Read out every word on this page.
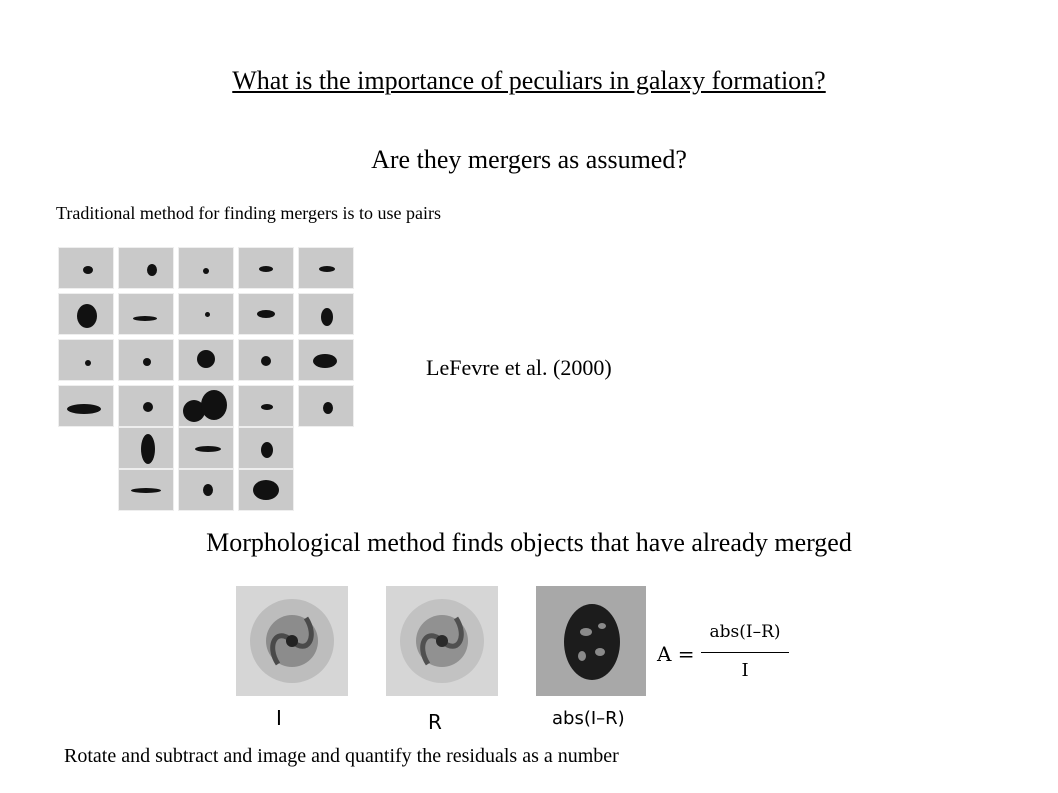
What is the importance of peculiars in galaxy formation?
Are they mergers as assumed?
Traditional method for finding mergers is to use pairs
LeFevre et al. (2000)
Morphological method finds objects that have already merged
I	R	abs(I–R)
A =
abs(I–R)
I
Rotate and subtract and image and quantify the residuals as a number
